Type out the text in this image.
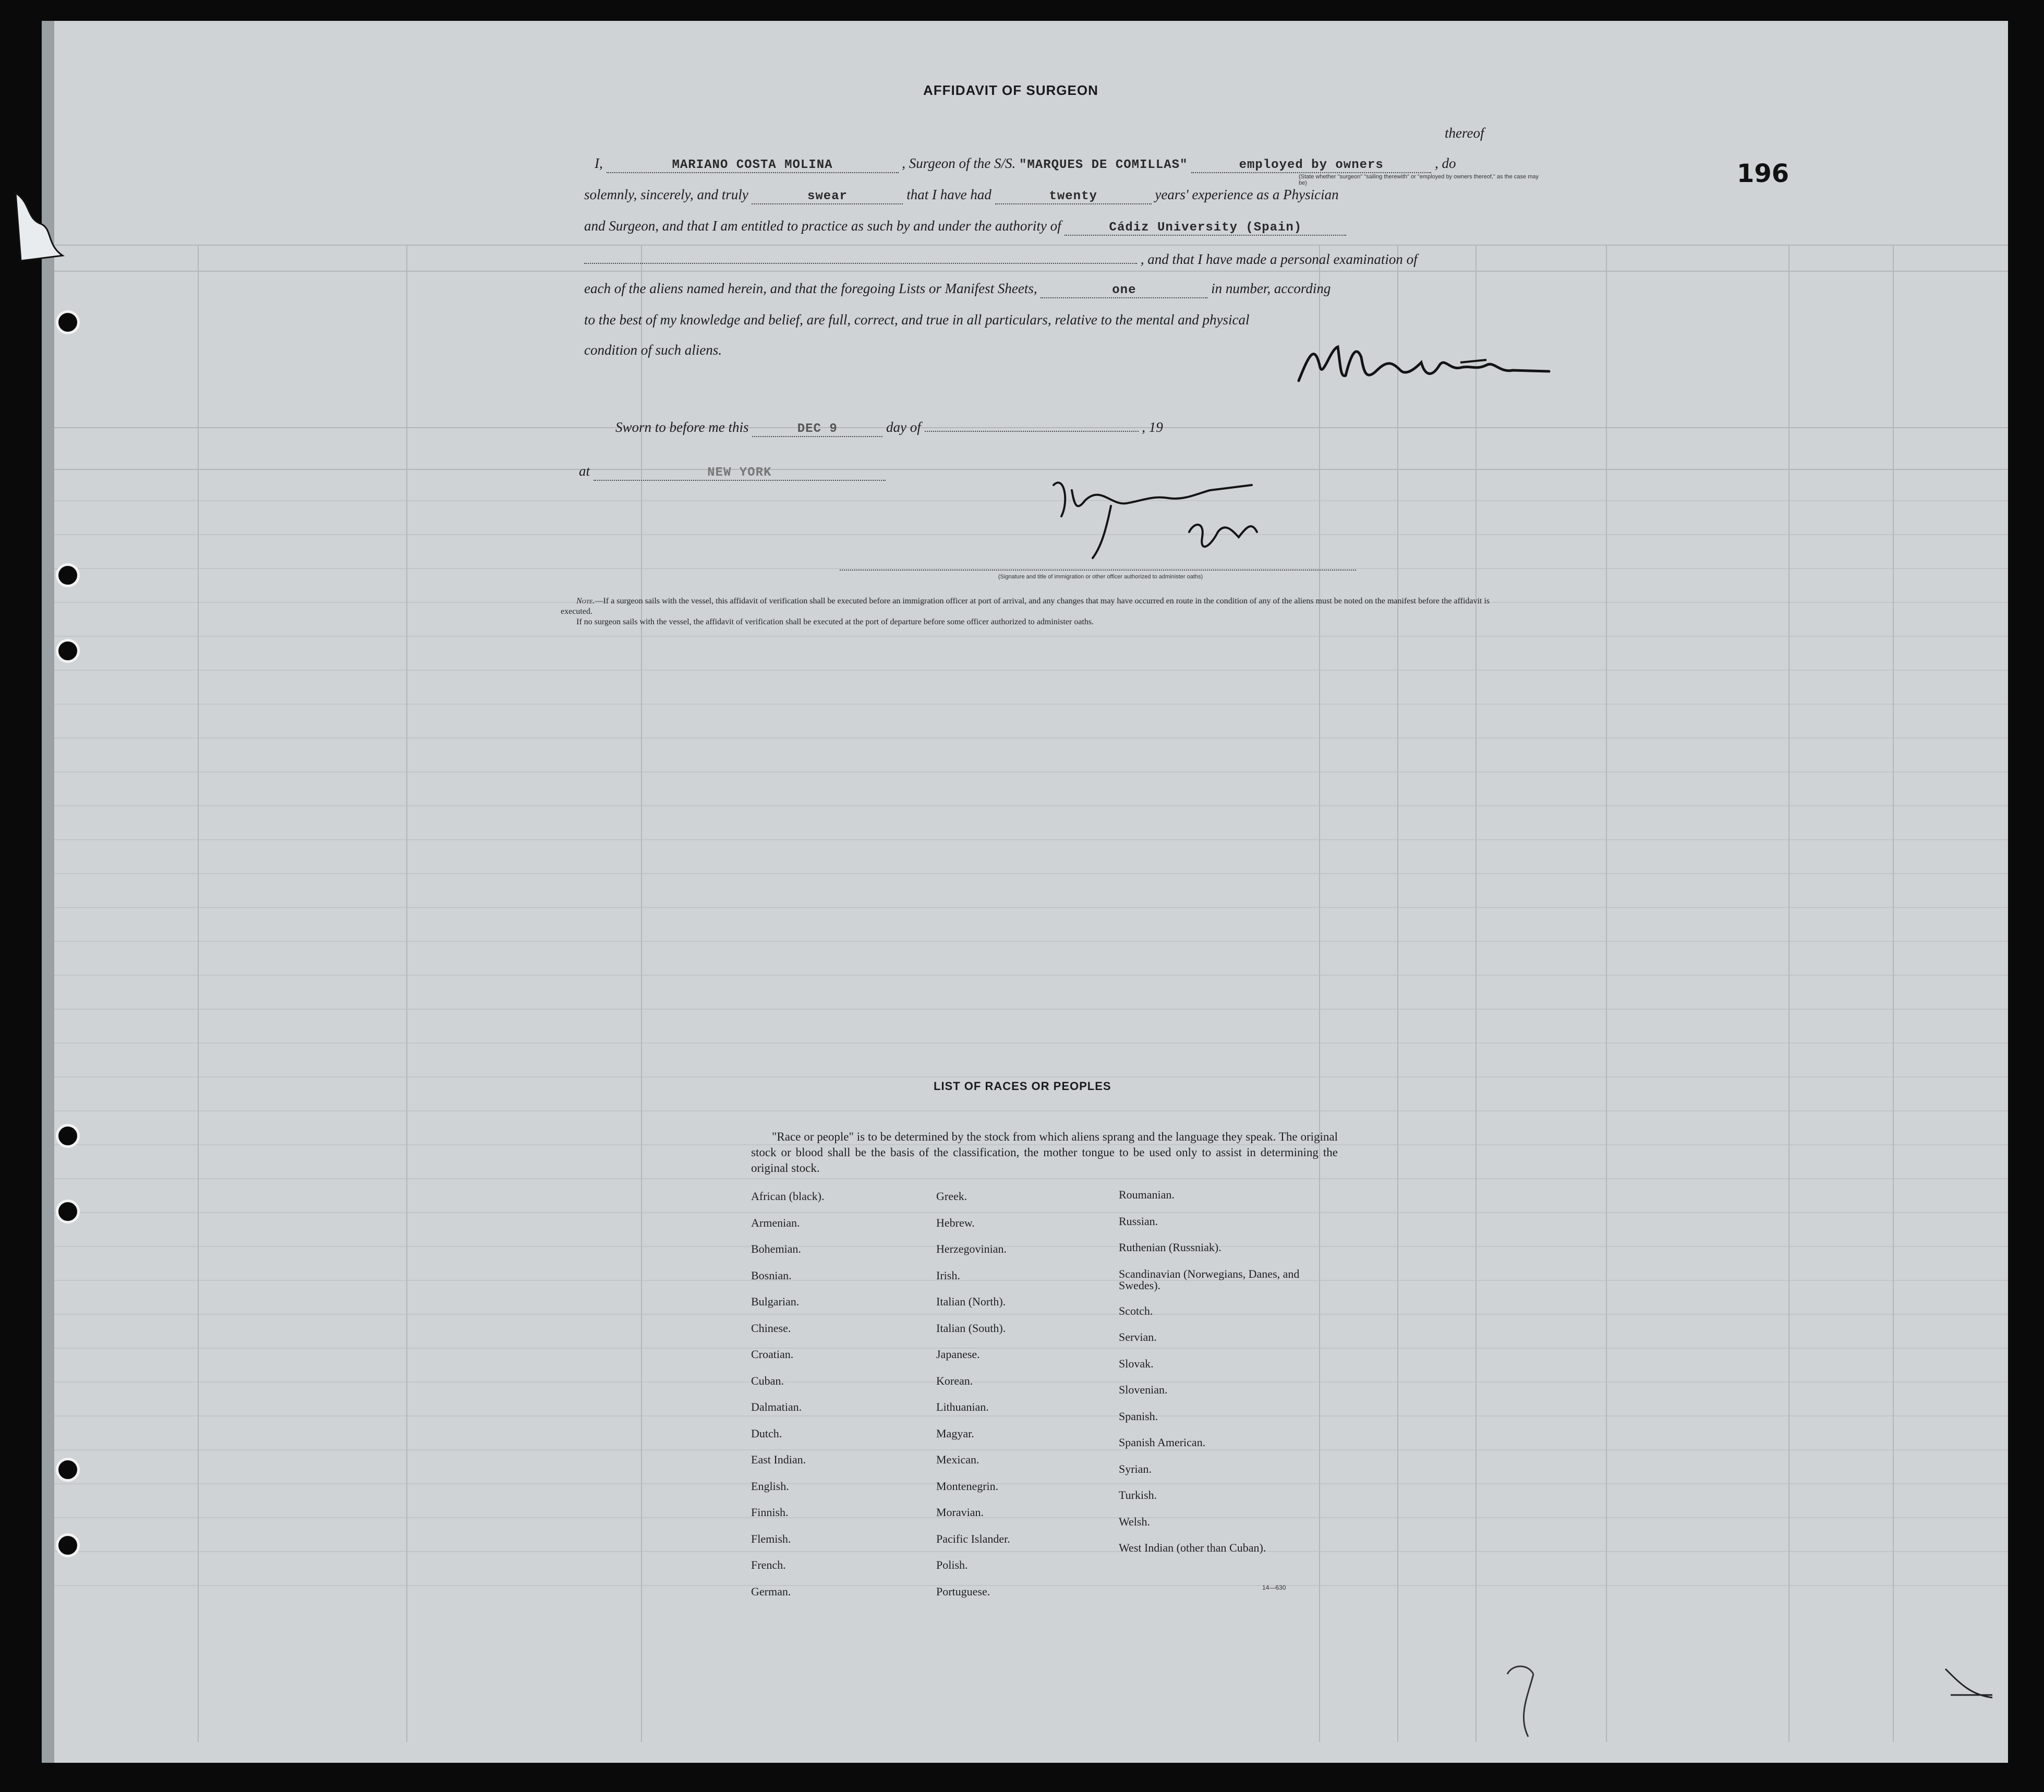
AFFIDAVIT OF SURGEON
196
thereof
I,	MARIANO COSTA MOLINA	, Surgeon of the S/S. "MARQUES DE COMILLAS"	employed by owners	, do
(State whether "surgeon" "sailing therewith" or "employed by owners thereof," as the case may be)
solemnly, sincerely, and truly	swear	that I have had	twenty	years' experience as a Physician
and Surgeon, and that I am entitled to practice as such by and under the authority of	Cádiz University (Spain)
, and that I have made a personal examination of
each of the aliens named herein, and that the foregoing Lists or Manifest Sheets,	one	in number, according
to the best of my knowledge and belief, are full, correct, and true in all particulars, relative to the mental and physical
condition of such aliens.
Sworn to before me this	DEC 9	day of	, 19
at	NEW YORK
(Signature and title of immigration or other officer authorized to administer oaths)
Note.—If a surgeon sails with the vessel, this affidavit of verification shall be executed before an immigration officer at port of arrival, and any changes that may have occurred en route in the condition of any of the aliens must be noted on the manifest before the affidavit is executed.
If no surgeon sails with the vessel, the affidavit of verification shall be executed at the port of departure before some officer authorized to administer oaths.
LIST OF RACES OR PEOPLES
"Race or people" is to be determined by the stock from which aliens sprang and the language they speak. The original stock or blood shall be the basis of the classification, the mother tongue to be used only to assist in determining the original stock.
African (black).
Armenian.
Bohemian.
Bosnian.
Bulgarian.
Chinese.
Croatian.
Cuban.
Dalmatian.
Dutch.
East Indian.
English.
Finnish.
Flemish.
French.
German.
Greek.
Hebrew.
Herzegovinian.
Irish.
Italian (North).
Italian (South).
Japanese.
Korean.
Lithuanian.
Magyar.
Mexican.
Montenegrin.
Moravian.
Pacific Islander.
Polish.
Portuguese.
Roumanian.
Russian.
Ruthenian (Russniak).
Scandinavian (Norwegians, Danes, and Swedes).
Scotch.
Servian.
Slovak.
Slovenian.
Spanish.
Spanish American.
Syrian.
Turkish.
Welsh.
West Indian (other than Cuban).
14—630
